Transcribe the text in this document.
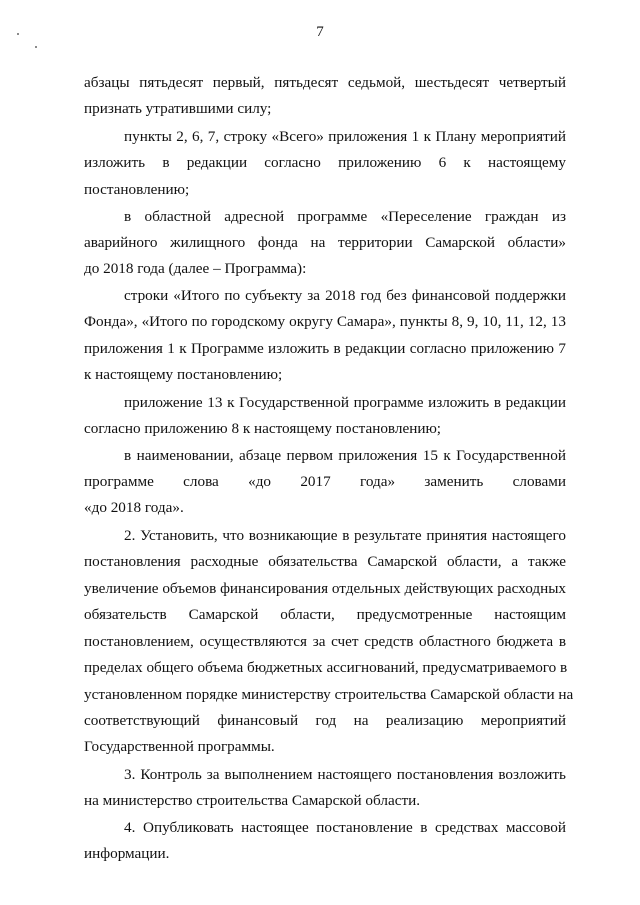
7
абзацы пятьдесят первый, пятьдесят седьмой, шестьдесят четвертый
признать утратившими силу;
пункты 2, 6, 7, строку «Всего» приложения 1 к Плану мероприятий
изложить в редакции согласно приложению 6 к настоящему
постановлению;
в областной адресной программе «Переселение граждан из
аварийного жилищного фонда на территории Самарской области»
до 2018 года (далее – Программа):
строки «Итого по субъекту за 2018 год без финансовой поддержки
Фонда», «Итого по городскому округу Самара», пункты 8, 9, 10, 11, 12, 13
приложения 1 к Программе изложить в редакции согласно приложению 7
к настоящему постановлению;
приложение 13 к Государственной программе изложить в редакции
согласно приложению 8 к настоящему постановлению;
в наименовании, абзаце первом приложения 15 к Государственной
программе слова «до 2017 года» заменить словами
«до 2018 года».
2. Установить, что возникающие в результате принятия настоящего
постановления расходные обязательства Самарской области, а также
увеличение объемов финансирования отдельных действующих расходных
обязательств Самарской области, предусмотренные настоящим
постановлением, осуществляются за счет средств областного бюджета в
пределах общего объема бюджетных ассигнований, предусматриваемого в
установленном порядке министерству строительства Самарской области на
соответствующий финансовый год на реализацию мероприятий
Государственной программы.
3. Контроль за выполнением настоящего постановления возложить
на министерство строительства Самарской области.
4. Опубликовать настоящее постановление в средствах массовой
информации.
